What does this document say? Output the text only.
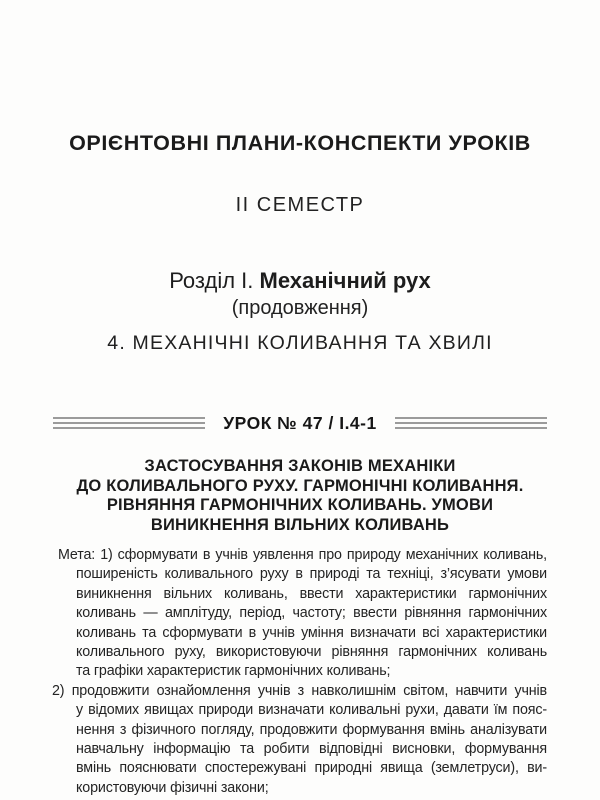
ОРІЄНТОВНІ ПЛАНИ-КОНСПЕКТИ УРОКІВ
ІІ СЕМЕСТР
Розділ І. Механічний рух
(продовження)
4. МЕХАНІЧНІ КОЛИВАННЯ ТА ХВИЛІ
УРОК № 47 / І.4-1
ЗАСТОСУВАННЯ ЗАКОНІВ МЕХАНІКИ
ДО КОЛИВАЛЬНОГО РУХУ. ГАРМОНІЧНІ КОЛИВАННЯ.
РІВНЯННЯ ГАРМОНІЧНИХ КОЛИВАНЬ. УМОВИ
ВИНИКНЕННЯ ВІЛЬНИХ КОЛИВАНЬ
Мета: 1) сформувати в учнів уявлення про природу механічних коливань,
поширеність коливального руху в природі та техніці, з’ясувати умови
виникнення вільних коливань, ввести характеристики гармонічних
коливань — амплітуду, період, частоту; ввести рівняння гармонічних
коливань та сформувати в учнів уміння визначати всі характеристики
коливального руху, використовуючи рівняння гармонічних коливань
та графіки характеристик гармонічних коливань;
2) продовжити ознайомлення учнів з навколишнім світом, навчити учнів
у відомих явищах природи визначати коливальні рухи, давати їм пояс-
нення з фізичного погляду, продовжити формування вмінь аналізувати
навчальну інформацію та робити відповідні висновки, формування
вмінь пояснювати спостережувані природні явища (землетруси), ви-
користовуючи фізичні закони;
